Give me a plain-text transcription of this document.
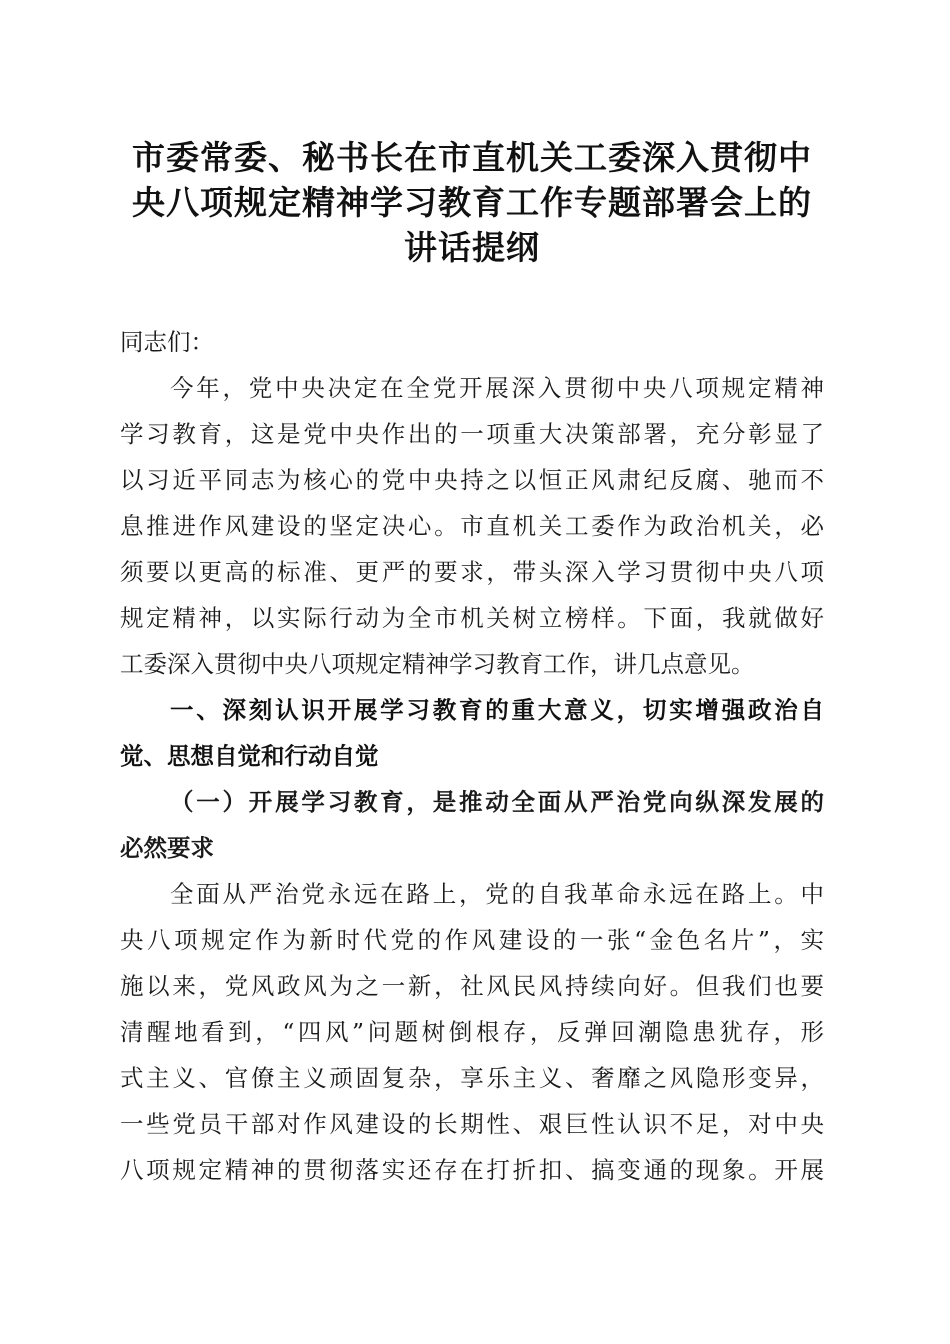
市委常委、秘书长在市直机关工委深入贯彻中
央八项规定精神学习教育工作专题部署会上的
讲话提纲
同志们：
今年，党中央决定在全党开展深入贯彻中央八项规定精神
学习教育，这是党中央作出的一项重大决策部署，充分彰显了
以习近平同志为核心的党中央持之以恒正风肃纪反腐、驰而不
息推进作风建设的坚定决心。市直机关工委作为政治机关，必
须要以更高的标准、更严的要求，带头深入学习贯彻中央八项
规定精神，以实际行动为全市机关树立榜样。下面，我就做好
工委深入贯彻中央八项规定精神学习教育工作，讲几点意见。
一、深刻认识开展学习教育的重大意义，切实增强政治自
觉、思想自觉和行动自觉
（一）开展学习教育，是推动全面从严治党向纵深发展的
必然要求
全面从严治党永远在路上，党的自我革命永远在路上。中
央八项规定作为新时代党的作风建设的一张“金色名片”，实
施以来，党风政风为之一新，社风民风持续向好。但我们也要
清醒地看到，“四风”问题树倒根存，反弹回潮隐患犹存，形
式主义、官僚主义顽固复杂，享乐主义、奢靡之风隐形变异，
一些党员干部对作风建设的长期性、艰巨性认识不足，对中央
八项规定精神的贯彻落实还存在打折扣、搞变通的现象。开展
